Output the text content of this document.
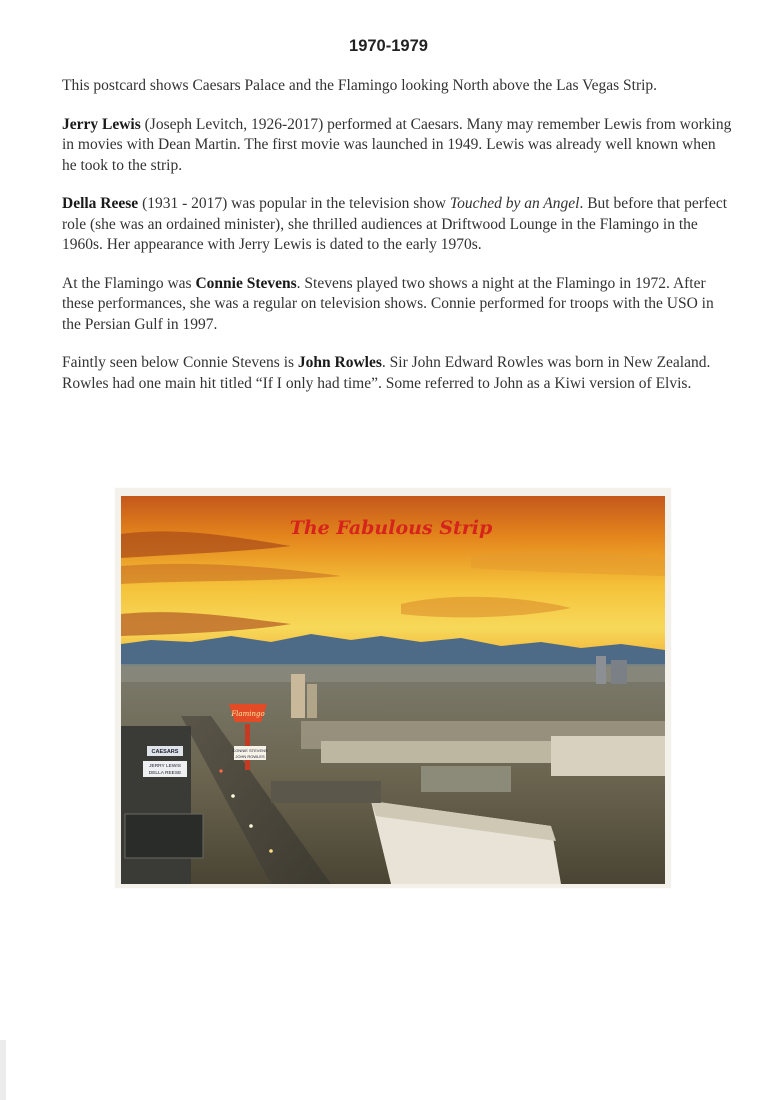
1970-1979

This postcard shows Caesars Palace and the Flamingo looking North above the Las Vegas Strip.

Jerry Lewis (Joseph Levitch, 1926-2017) performed at Caesars. Many may remember Lewis from working in movies with Dean Martin. The first movie was launched in 1949. Lewis was already well known when he took to the strip.

Della Reese (1931 - 2017) was popular in the television show Touched by an Angel. But before that perfect role (she was an ordained minister), she thrilled audiences at Driftwood Lounge in the Flamingo in the 1960s. Her appearance with Jerry Lewis is dated to the early 1970s.

At the Flamingo was Connie Stevens. Stevens played two shows a night at the Flamingo in 1972. After these performances, she was a regular on television shows. Connie performed for troops with the USO in the Persian Gulf in 1997.

Faintly seen below Connie Stevens is John Rowles. Sir John Edward Rowles was born in New Zealand. Rowles had one main hit titled “If I only had time”. Some referred to John as a Kiwi version of Elvis.

JERRY LEWIS
DELLA REESE
CAESARS
Flamingo
CONNIE STEVENS
JOHN ROWLES
The Fabulous Strip
